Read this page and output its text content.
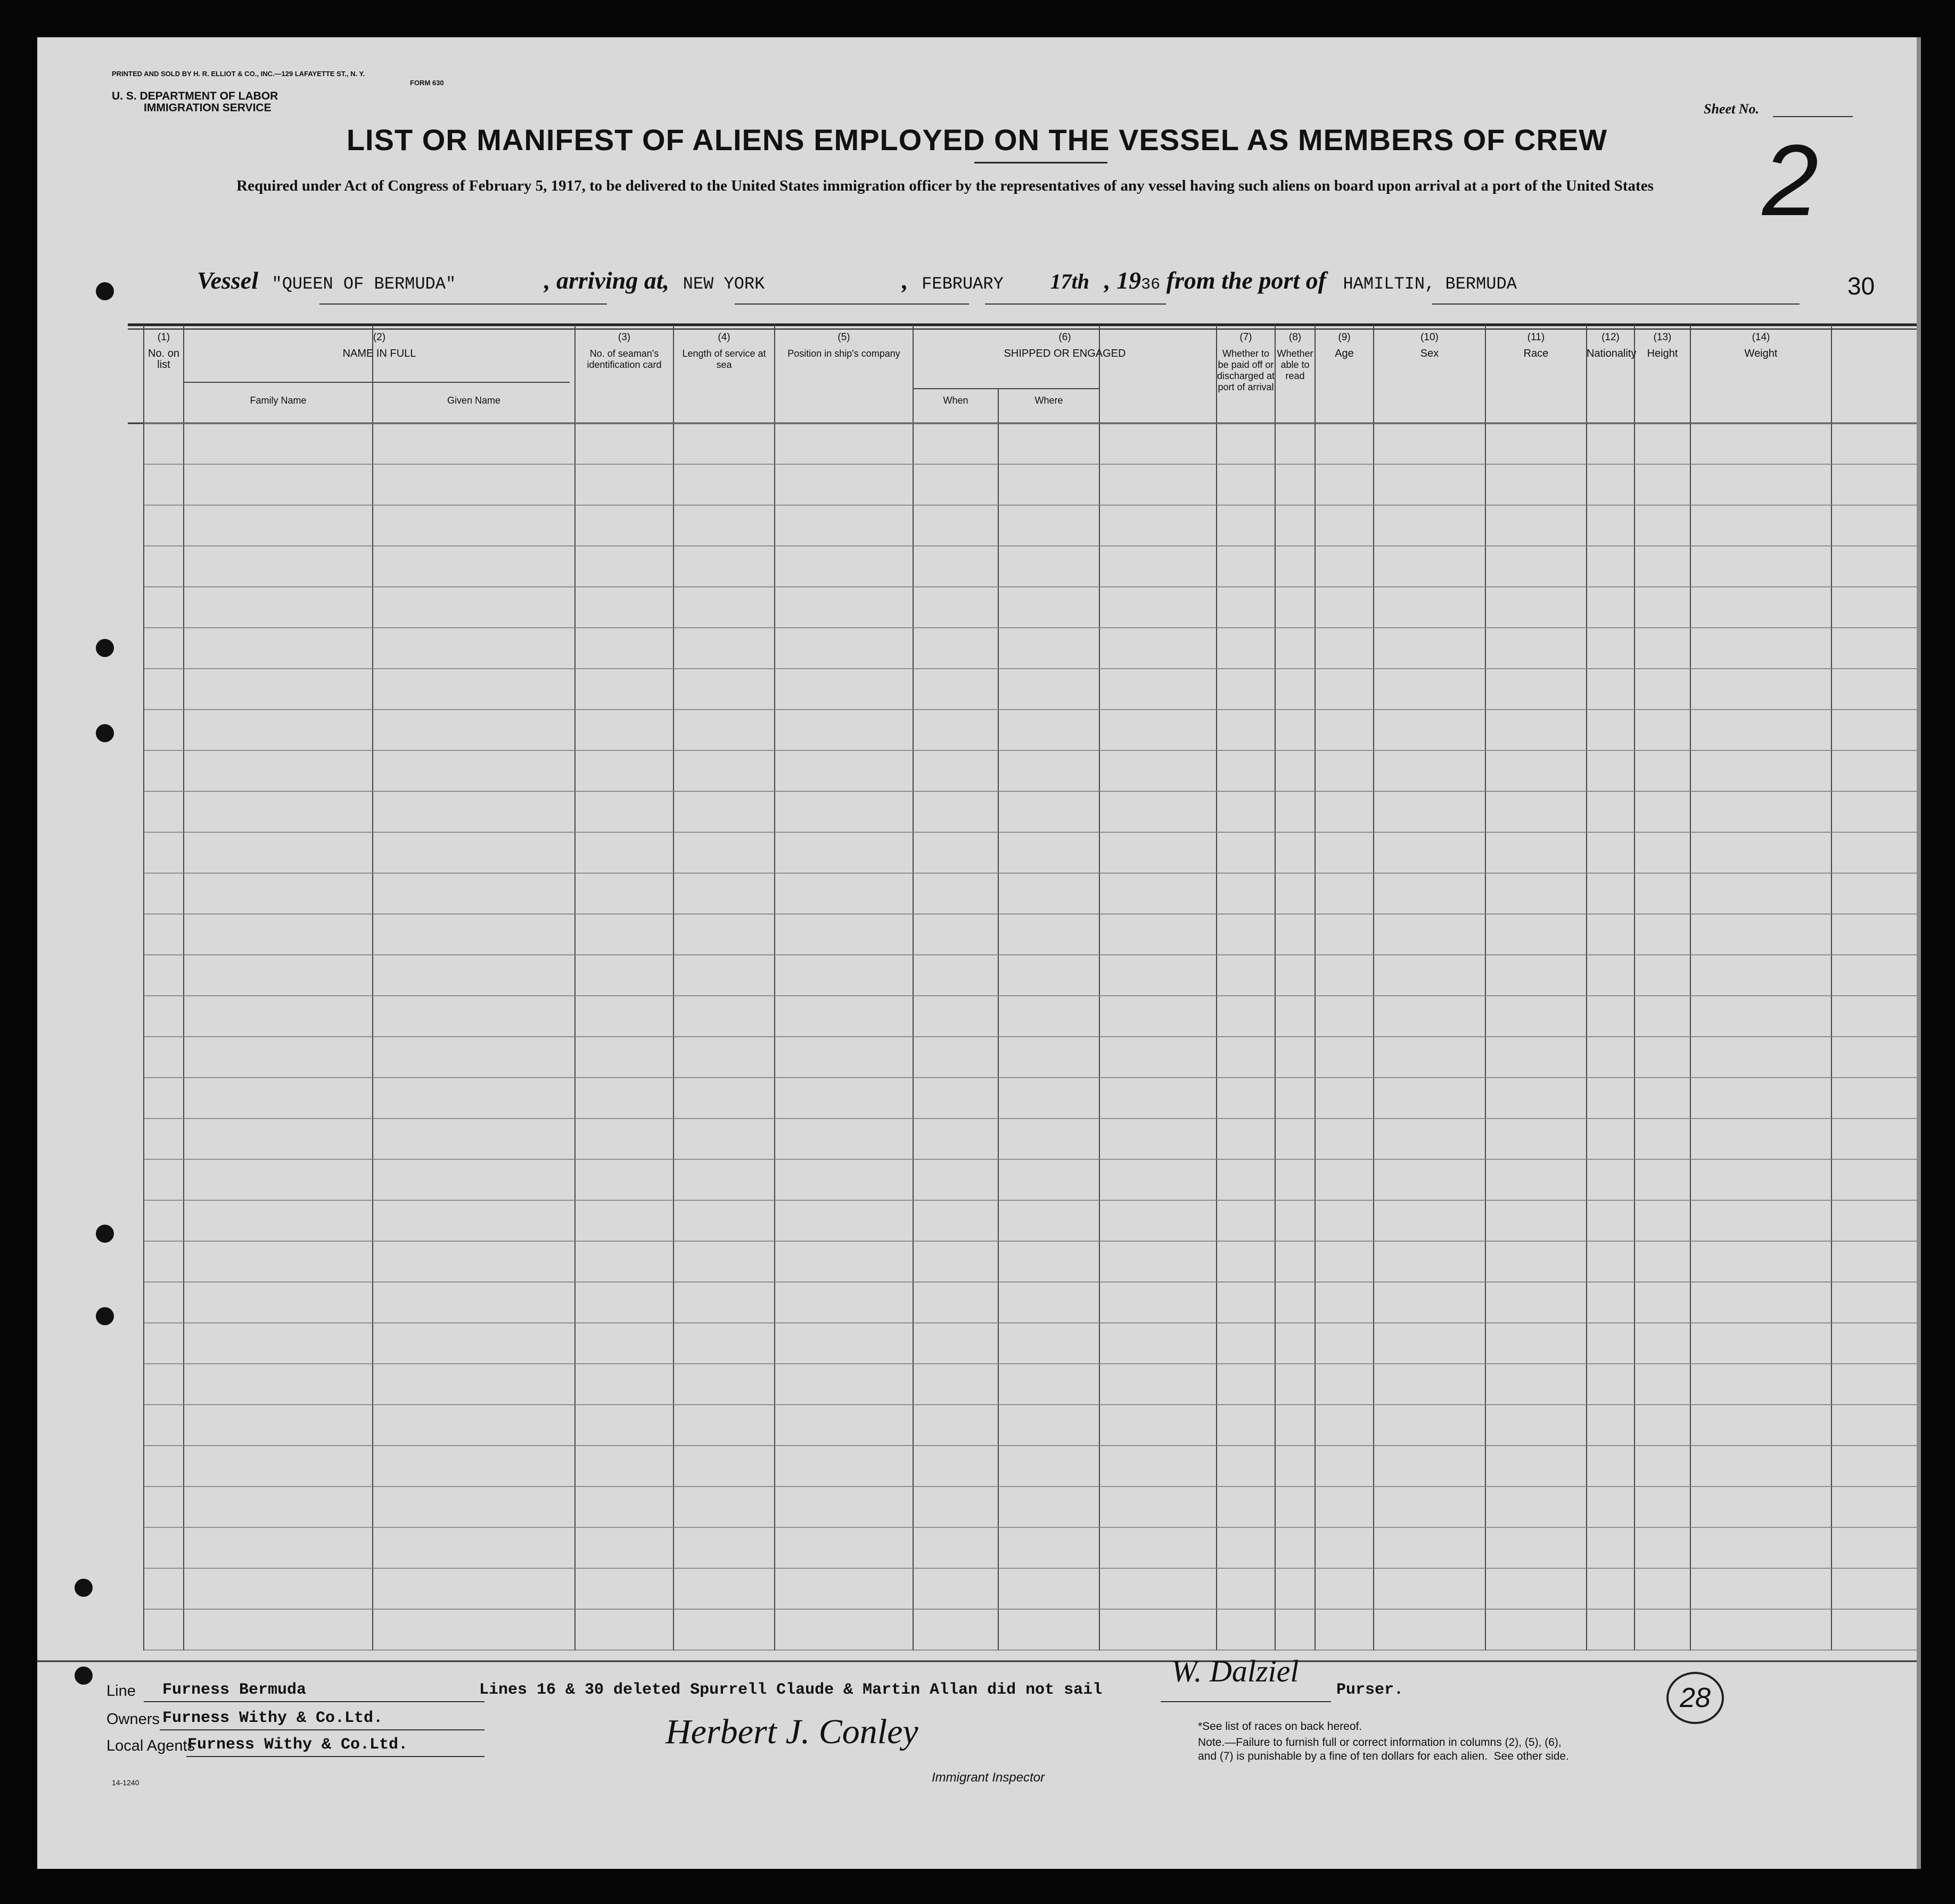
PRINTED AND SOLD BY H. R. ELLIOT & CO., INC.—129 LAFAYETTE ST., N. Y.
FORM 630
U. S. DEPARTMENT OF LABOR
IMMIGRATION SERVICE	Sheet No.
2
LIST OR MANIFEST OF ALIENS EMPLOYED ON THE VESSEL AS MEMBERS OF CREW
Required under Act of Congress of February 5, 1917, to be delivered to the United States immigration officer by the representatives of any vessel having such aliens on board upon arrival at a port of the United States
Vessel "QUEEN OF BERMUDA"	, arriving at, NEW YORK	, FEBRUARY 17th , 1936 from the port of HAMILTIN, BERMUDA	30
(1)
No. on list
(2)
NAME IN FULL
Family Name	Given Name
(3)
No. of seaman's identification card
(4)
Length of service at sea
(5)
Position in ship's company
(6)
SHIPPED OR ENGAGED
When	Where
(7)
Whether to be paid off or discharged at port of arrival
(8)
Whether able to read
(9)
Age
(10)
Sex
(11)
Race
(12)
Nationality
(13)
Height
(14)
Weight
Line Furness Bermuda
Owners Furness Withy & Co.Ltd.
Local Agents
Furness Withy & Co.Ltd.
Lines 16 & 30 deleted Spurrell Claude & Martin Allan did not sail
W. Dalziel
Purser.	28
Herbert J. Conley
Immigrant Inspector
*See list of races on back hereof.
Note.—Failure to furnish full or correct information in columns (2), (5), (6),
and (7) is punishable by a fine of ten dollars for each alien.  See other side.
14-1240
